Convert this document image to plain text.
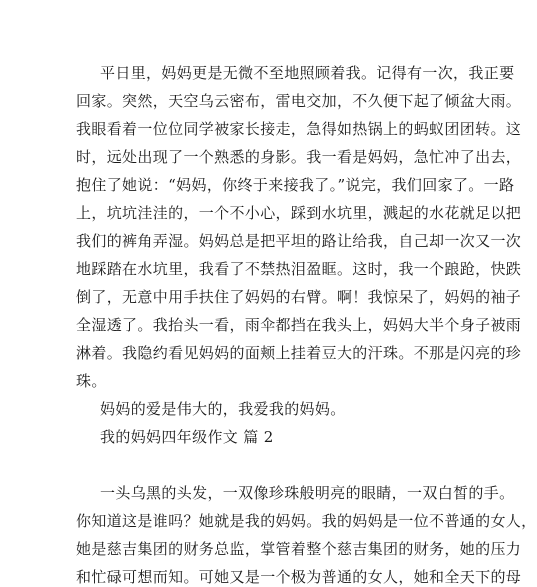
平日里，妈妈更是无微不至地照顾着我。记得有一次，我正要
回家。突然，天空乌云密布，雷电交加，不久便下起了倾盆大雨。
我眼看着一位位同学被家长接走，急得如热锅上的蚂蚁团团转。这
时，远处出现了一个熟悉的身影。我一看是妈妈，急忙冲了出去，
抱住了她说：“妈妈，你终于来接我了。”说完，我们回家了。一路
上，坑坑洼洼的，一个不小心，踩到水坑里，溅起的水花就足以把
我们的裤角弄湿。妈妈总是把平坦的路让给我，自己却一次又一次
地踩踏在水坑里，我看了不禁热泪盈眶。这时，我一个踉跄，快跌
倒了，无意中用手扶住了妈妈的右臂。啊！我惊呆了，妈妈的袖子
全湿透了。我抬头一看，雨伞都挡在我头上，妈妈大半个身子被雨
淋着。我隐约看见妈妈的面颊上挂着豆大的汗珠。不那是闪亮的珍
珠。
妈妈的爱是伟大的，我爱我的妈妈。
我的妈妈四年级作文 篇 2
一头乌黑的头发，一双像珍珠般明亮的眼睛，一双白皙的手。
你知道这是谁吗？她就是我的妈妈。我的妈妈是一位不普通的女人，
她是慈吉集团的财务总监，掌管着整个慈吉集团的财务，她的压力
和忙碌可想而知。可她又是一个极为普通的女人，她和全天下的母
